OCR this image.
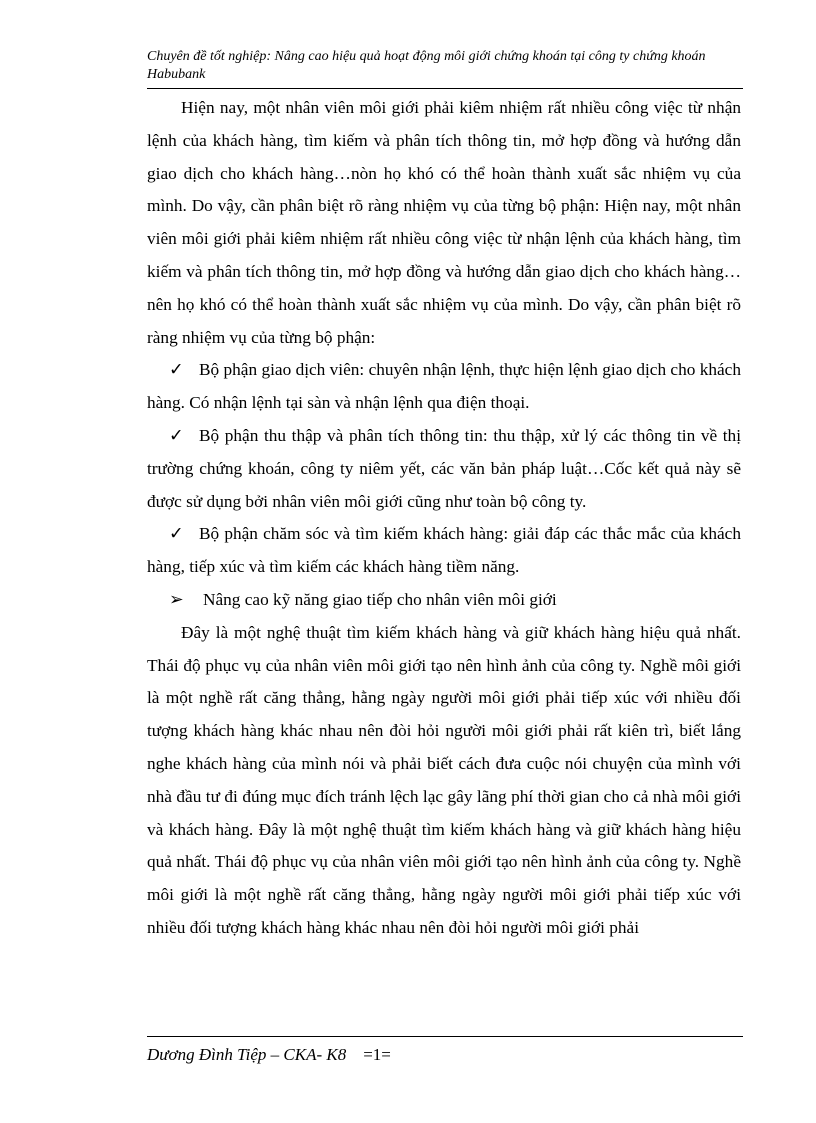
Chuyên đề tốt nghiệp: Nâng cao hiệu quả hoạt động môi giới chứng khoán tại công ty chứng khoán Habubank

Hiện nay, một nhân viên môi giới phải kiêm nhiệm rất nhiều công việc từ nhận lệnh của khách hàng, tìm kiếm và phân tích thông tin, mở hợp đồng và hướng dẫn giao dịch cho khách hàng…nòn họ khó có thể hoàn thành xuất sắc nhiệm vụ của mình. Do vậy, cần phân biệt rõ ràng nhiệm vụ của từng bộ phận: Hiện nay, một nhân viên môi giới phải kiêm nhiệm rất nhiều công việc từ nhận lệnh của khách hàng, tìm kiếm và phân tích thông tin, mở hợp đồng và hướng dẫn giao dịch cho khách hàng…nên họ khó có thể hoàn thành xuất sắc nhiệm vụ của mình. Do vậy, cần phân biệt rõ ràng nhiệm vụ của từng bộ phận:

✓ Bộ phận giao dịch viên: chuyên nhận lệnh, thực hiện lệnh giao dịch cho khách hàng. Có nhận lệnh tại sàn và nhận lệnh qua điện thoại.

✓ Bộ phận thu thập và phân tích thông tin: thu thập, xử lý các thông tin về thị trường chứng khoán, công ty niêm yết, các văn bản pháp luật…Cốc kết quả này sẽ được sử dụng bởi nhân viên môi giới cũng như toàn bộ công ty.

✓ Bộ phận chăm sóc và tìm kiếm khách hàng: giải đáp các thắc mắc của khách hàng, tiếp xúc và tìm kiếm các khách hàng tiềm năng.

➢ Nâng cao kỹ năng giao tiếp cho nhân viên môi giới

Đây là một nghệ thuật tìm kiếm khách hàng và giữ khách hàng hiệu quả nhất. Thái độ phục vụ của nhân viên môi giới tạo nên hình ảnh của công ty. Nghề môi giới là một nghề rất căng thẳng, hằng ngày người môi giới phải tiếp xúc với nhiều đối tượng khách hàng khác nhau nên đòi hỏi người môi giới phải rất kiên trì, biết lắng nghe khách hàng của mình nói và phải biết cách đưa cuộc nói chuyện của mình với nhà đầu tư đi đúng mục đích tránh lệch lạc gây lãng phí thời gian cho cả nhà môi giới và khách hàng. Đây là một nghệ thuật tìm kiếm khách hàng và giữ khách hàng hiệu quả nhất. Thái độ phục vụ của nhân viên môi giới tạo nên hình ảnh của công ty. Nghề môi giới là một nghề rất căng thẳng, hằng ngày người môi giới phải tiếp xúc với nhiều đối tượng khách hàng khác nhau nên đòi hỏi người môi giới phải

Dương Đình Tiệp – CKA- K8 =1=
